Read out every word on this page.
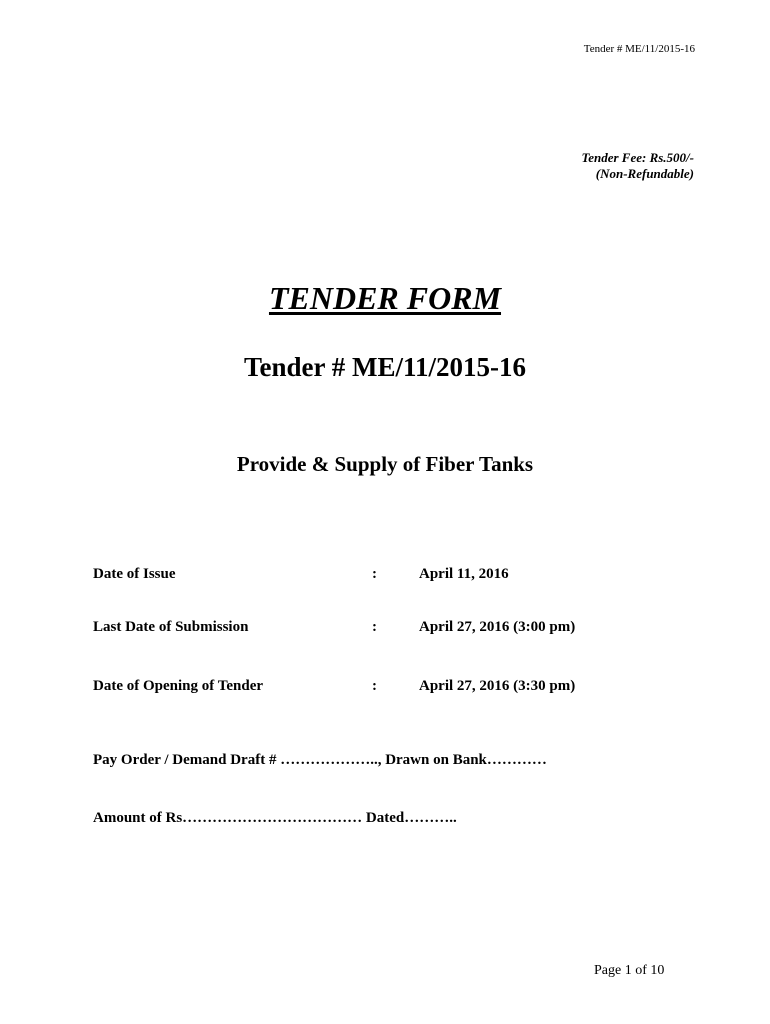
Tender # ME/11/2015-16
Tender Fee: Rs.500/-
(Non-Refundable)
TENDER FORM
Tender # ME/11/2015-16
Provide & Supply of Fiber Tanks
Date of Issue	:	April 11, 2016
Last Date of Submission	:	April 27, 2016 (3:00 pm)
Date of Opening of Tender	:	April 27, 2016 (3:30 pm)
Pay Order / Demand Draft # ……………….., Drawn on Bank…………
Amount of Rs……………………………… Dated………..
Page 1 of 10
